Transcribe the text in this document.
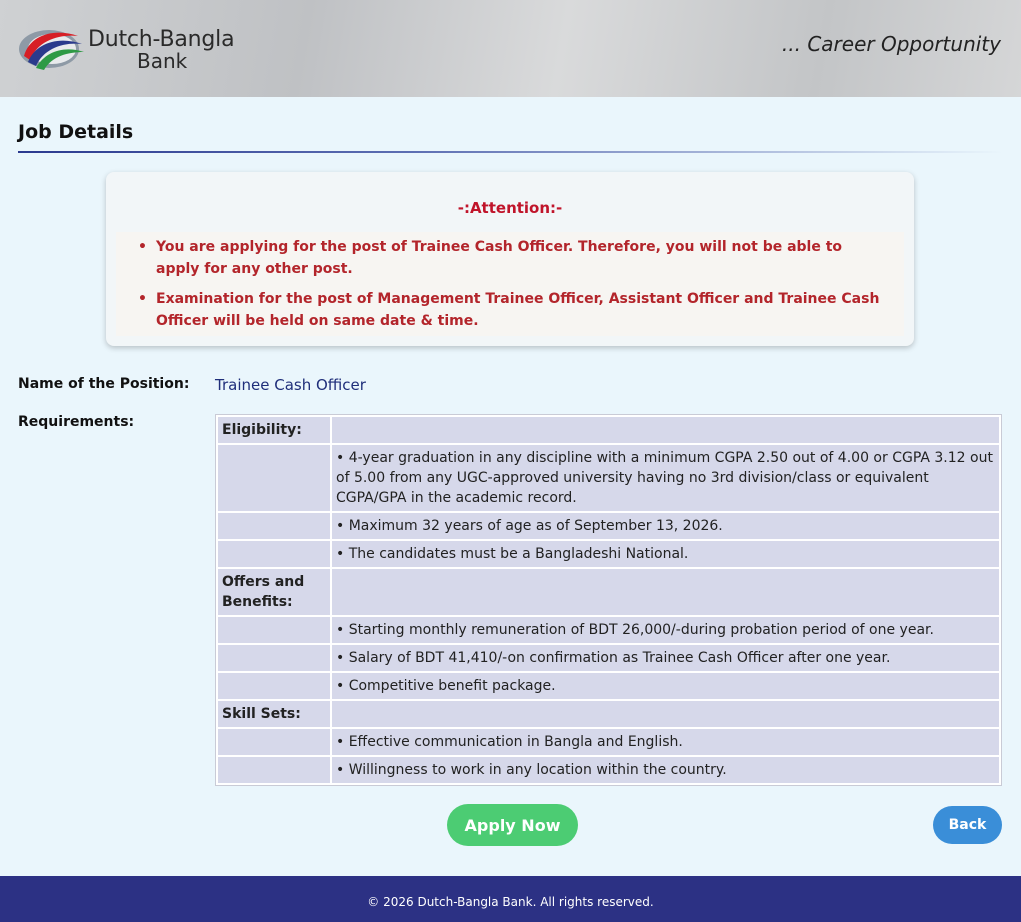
Dutch-Bangla
Bank
... Career Opportunity
Job Details
-:Attention:-
• You are applying for the post of Trainee Cash Officer. Therefore, you will not be able to apply for any other post.
• Examination for the post of Management Trainee Officer, Assistant Officer and Trainee Cash Officer will be held on same date & time.
Name of the Position: Trainee Cash Officer
Requirements:	Eligibility:	
	• 4-year graduation in any discipline with a minimum CGPA 2.50 out of 4.00 or CGPA 3.12 out of 5.00 from any UGC-approved university having no 3rd division/class or equivalent CGPA/GPA in the academic record.
	• Maximum 32 years of age as of September 13, 2026.
	• The candidates must be a Bangladeshi National.
Offers and Benefits:	
	• Starting monthly remuneration of BDT 26,000/-during probation period of one year.
	• Salary of BDT 41,410/-on confirmation as Trainee Cash Officer after one year.
	• Competitive benefit package.
Skill Sets:	
	• Effective communication in Bangla and English.
	• Willingness to work in any location within the country.
Apply Now	Back
© 2026 Dutch-Bangla Bank. All rights reserved.
